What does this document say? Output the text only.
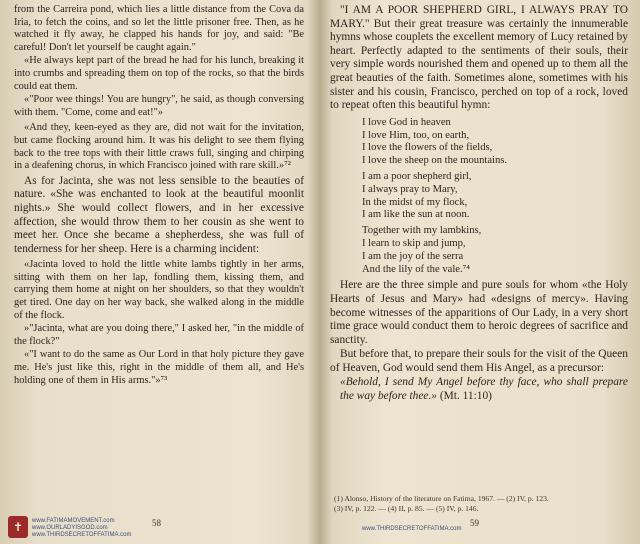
from the Carreira pond, which lies a little distance from the Cova da Iria, to fetch the coins, and so let the little prisoner free. Then, as he watched it fly away, he clapped his hands for joy, and said: "Be careful! Don't let yourself be caught again."

«He always kept part of the bread he had for his lunch, breaking it into crumbs and spreading them on top of the rocks, so that the birds could eat them.

«"Poor wee things! You are hungry", he said, as though conversing with them. "Come, come and eat!"»

«And they, keen-eyed as they are, did not wait for the invitation, but came flocking around him. It was his delight to see them flying back to the tree tops with their little craws full, singing and chirping in a deafening chorus, in which Francisco joined with rare skill.»⁷²

As for Jacinta, she was not less sensible to the beauties of nature. «She was enchanted to look at the beautiful moonlit nights.» She would collect flowers, and in her excessive affection, she would throw them to her cousin as she went to meet her. Once she became a shepherdess, she was full of tenderness for her sheep. Here is a charming incident:

«Jacinta loved to hold the little white lambs tightly in her arms, sitting with them on her lap, fondling them, kissing them, and carrying them home at night on her shoulders, so that they wouldn't get tired. One day on her way back, she walked along in the middle of the flock.

»"Jacinta, what are you doing there," I asked her, "in the middle of the flock?"

«"I want to do the same as Our Lord in that holy picture they gave me. He's just like this, right in the middle of them all, and He's holding one of them in His arms."»⁷³

58
✝	www.FATIMAMOVEMENT.com
www.OURLADYISGOD.com
www.THIRDSECRETOFFATIMA.com

"I AM A POOR SHEPHERD GIRL, I ALWAYS PRAY TO MARY." But their great treasure was certainly the innumerable hymns whose couplets the excellent memory of Lucy retained by heart. Perfectly adapted to the sentiments of their souls, their very simple words nourished them and opened up to them all the great beauties of the faith. Sometimes alone, sometimes with his sister and his cousin, Francisco, perched on top of a rock, loved to repeat often this beautiful hymn:

I love God in heaven
I love Him, too, on earth,
I love the flowers of the fields,
I love the sheep on the mountains.
I am a poor shepherd girl,
I always pray to Mary,
In the midst of my flock,
I am like the sun at noon.
Together with my lambkins,
I learn to skip and jump,
I am the joy of the serra
And the lily of the vale.⁷⁴

Here are the three simple and pure souls for whom «the Holy Hearts of Jesus and Mary» had «designs of mercy». Having become witnesses of the apparitions of Our Lady, in a very short time grace would conduct them to heroic degrees of sacrifice and sanctity.

But before that, to prepare their souls for the visit of the Queen of Heaven, God would send them His Angel, as a precursor:

«Behold, I send My Angel before thy face, who shall prepare the way before thee.» (Mt. 11:10)

(1) Alonso, History of the literature on Fatima, 1967. — (2) IV, p. 123.
(3) IV, p. 122. — (4) II, p. 85. — (5) IV, p. 146.
59
www.THIRDSECRETOFFATIMA.com
